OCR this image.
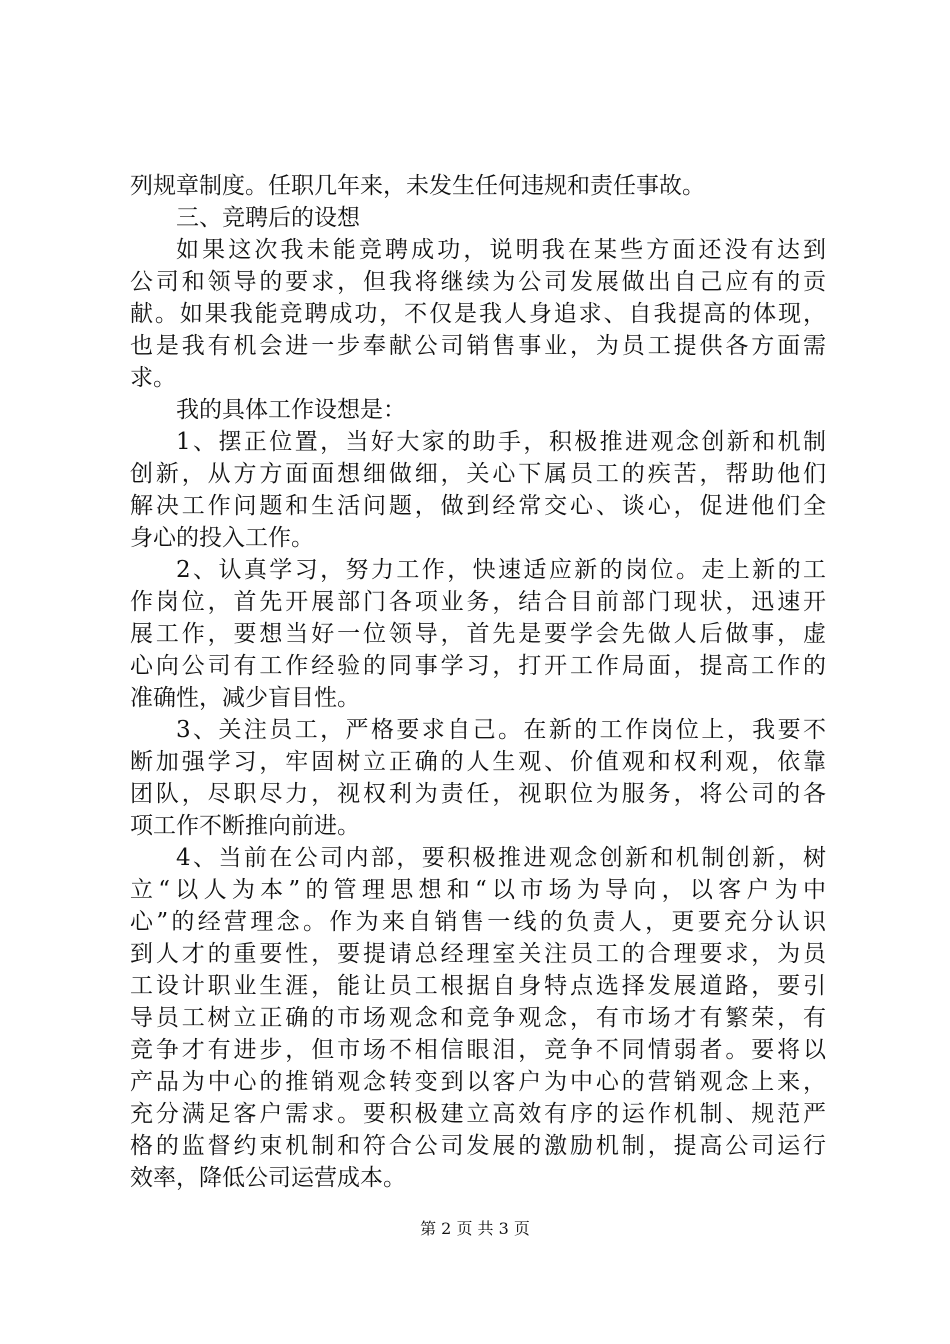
列规章制度。任职几年来，未发生任何违规和责任事故。
三、竞聘后的设想
如果这次我未能竞聘成功，说明我在某些方面还没有达到
公司和领导的要求，但我将继续为公司发展做出自己应有的贡
献。如果我能竞聘成功，不仅是我人身追求、自我提高的体现，
也是我有机会进一步奉献公司销售事业，为员工提供各方面需
求。
我的具体工作设想是：
1、摆正位置，当好大家的助手，积极推进观念创新和机制
创新，从方方面面想细做细，关心下属员工的疾苦，帮助他们
解决工作问题和生活问题，做到经常交心、谈心，促进他们全
身心的投入工作。
2、认真学习，努力工作，快速适应新的岗位。走上新的工
作岗位，首先开展部门各项业务，结合目前部门现状，迅速开
展工作，要想当好一位领导，首先是要学会先做人后做事，虚
心向公司有工作经验的同事学习，打开工作局面，提高工作的
准确性，减少盲目性。
3、关注员工，严格要求自己。在新的工作岗位上，我要不
断加强学习，牢固树立正确的人生观、价值观和权利观，依靠
团队，尽职尽力，视权利为责任，视职位为服务，将公司的各
项工作不断推向前进。
4、当前在公司内部，要积极推进观念创新和机制创新，树
立“以人为本”的管理思想和“以市场为导向，以客户为中
心”的经营理念。作为来自销售一线的负责人，更要充分认识
到人才的重要性，要提请总经理室关注员工的合理要求，为员
工设计职业生涯，能让员工根据自身特点选择发展道路，要引
导员工树立正确的市场观念和竞争观念，有市场才有繁荣，有
竞争才有进步，但市场不相信眼泪，竞争不同情弱者。要将以
产品为中心的推销观念转变到以客户为中心的营销观念上来，
充分满足客户需求。要积极建立高效有序的运作机制、规范严
格的监督约束机制和符合公司发展的激励机制，提高公司运行
效率，降低公司运营成本。
第 2 页 共 3 页
